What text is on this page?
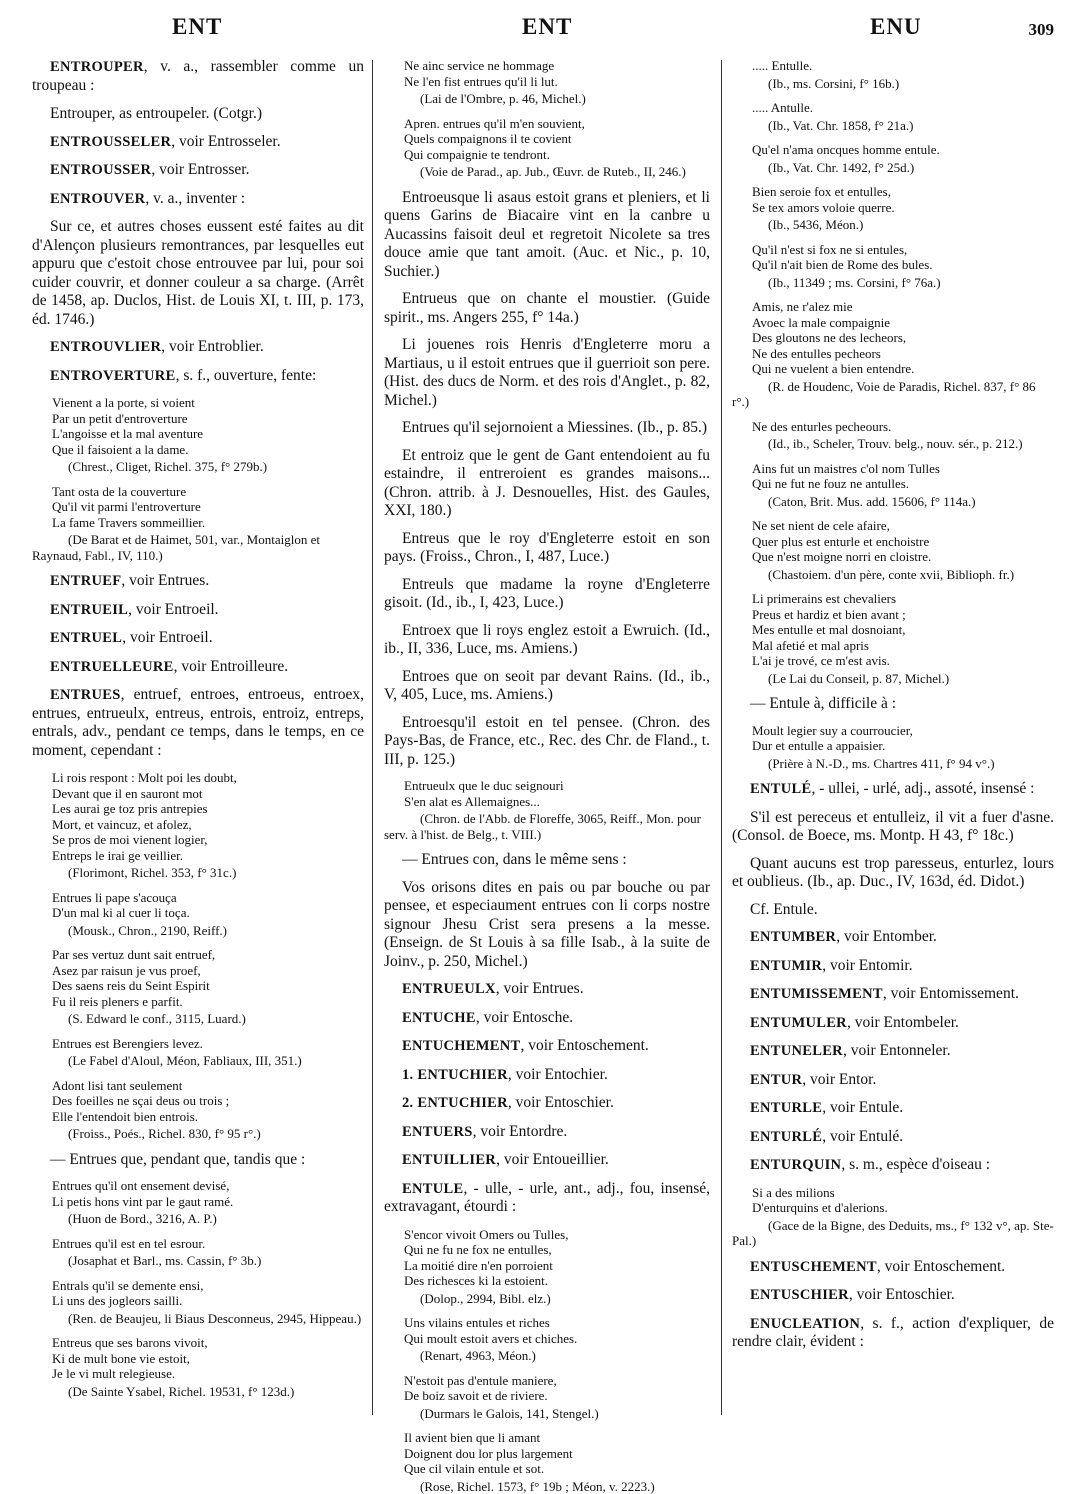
ENT	ENT	ENU	309

ENTROUPER, v. a., rassembler comme un troupeau :

Entrouper, as entroupeler. (Cotgr.)

ENTROUSSELER, voir Entrosseler.

ENTROUSSER, voir Entrosser.

ENTROUVER, v. a., inventer :

Sur ce, et autres choses eussent esté faites au dit d'Alençon plusieurs remontrances, par lesquelles eut appuru que c'estoit chose entrouvee par lui, pour soi cuider couvrir, et donner couleur a sa charge. (Arrêt de 1458, ap. Duclos, Hist. de Louis XI, t. III, p. 173, éd. 1746.)

ENTROUVLIER, voir Entroblier.

ENTROVERTURE, s. f., ouverture, fente:

Vienent a la porte, si voient
Par un petit d'entroverture
L'angoisse et la mal aventure
Que il faisoient a la dame.

(Chrest., Cliget, Richel. 375, f° 279b.)

Tant osta de la couverture
Qu'il vit parmi l'entroverture
La fame Travers sommeillier.

(De Barat et de Haimet, 501, var., Montaiglon et Raynaud, Fabl., IV, 110.)

ENTRUEF, voir Entrues.

ENTRUEIL, voir Entroeil.

ENTRUEL, voir Entroeil.

ENTRUELLEURE, voir Entroilleure.

ENTRUES, entruef, entroes, entroeus, entroex, entrues, entrueulx, entreus, entrois, entroiz, entreps, entrals, adv., pendant ce temps, dans le temps, en ce moment, cependant :

Li rois respont : Molt poi les doubt,
Devant que il en sauront mot
Les aurai ge toz pris antrepies
Mort, et vaincuz, et afolez,
Se pros de moi vienent logier,
Entreps le irai ge veillier.

(Florimont, Richel. 353, f° 31c.)

Entrues li pape s'acouça
D'un mal ki al cuer li toça.

(Mousk., Chron., 2190, Reiff.)

Par ses vertuz dunt sait entruef,
Asez par raisun je vus proef,
Des saens reis du Seint Espirit
Fu il reis pleners e parfit.

(S. Edward le conf., 3115, Luard.)

Entrues est Berengiers levez.

(Le Fabel d'Aloul, Méon, Fabliaux, III, 351.)

Adont lisi tant seulement
Des foeilles ne sçai deus ou trois ;
Elle l'entendoit bien entrois.

(Froiss., Poés., Richel. 830, f° 95 r°.)

— Entrues que, pendant que, tandis que :

Entrues qu'il ont ensement devisé,
Li petis hons vint par le gaut ramé.

(Huon de Bord., 3216, A. P.)

Entrues qu'il est en tel esrour.

(Josaphat et Barl., ms. Cassin, f° 3b.)

Entrals qu'il se demente ensi,
Li uns des jogleors sailli.

(Ren. de Beaujeu, li Biaus Desconneus, 2945, Hippeau.)

Entreus que ses barons vivoit,
Ki de mult bone vie estoit,
Je le vi mult relegieuse.

(De Sainte Ysabel, Richel. 19531, f° 123d.)

Ne ainc service ne hommage
Ne l'en fist entrues qu'il li lut.

(Lai de l'Ombre, p. 46, Michel.)

Apren. entrues qu'il m'en souvient,
Quels compaignons il te covient
Qui compaignie te tendront.

(Voie de Parad., ap. Jub., Œuvr. de Ruteb., II, 246.)

Entroeusque li asaus estoit grans et pleniers, et li quens Garins de Biacaire vint en la canbre u Aucassins faisoit deul et regretoit Nicolete sa tres douce amie que tant amoit. (Auc. et Nic., p. 10, Suchier.)

Entrueus que on chante el moustier. (Guide spirit., ms. Angers 255, f° 14a.)

Li jouenes rois Henris d'Engleterre moru a Martiaus, u il estoit entrues que il guerrioit son pere. (Hist. des ducs de Norm. et des rois d'Anglet., p. 82, Michel.)

Entrues qu'il sejornoient a Miessines. (Ib., p. 85.)

Et entroiz que le gent de Gant entendoient au fu estaindre, il entreroient es grandes maisons... (Chron. attrib. à J. Desnouelles, Hist. des Gaules, XXI, 180.)

Entreus que le roy d'Engleterre estoit en son pays. (Froiss., Chron., I, 487, Luce.)

Entreuls que madame la royne d'Engleterre gisoit. (Id., ib., I, 423, Luce.)

Entroex que li roys englez estoit a Ewruich. (Id., ib., II, 336, Luce, ms. Amiens.)

Entroes que on seoit par devant Rains. (Id., ib., V, 405, Luce, ms. Amiens.)

Entroesqu'il estoit en tel pensee. (Chron. des Pays-Bas, de France, etc., Rec. des Chr. de Fland., t. III, p. 125.)

Entrueulx que le duc seignouri
S'en alat es Allemaignes...

(Chron. de l'Abb. de Floreffe, 3065, Reiff., Mon. pour serv. à l'hist. de Belg., t. VIII.)

— Entrues con, dans le même sens :

Vos orisons dites en pais ou par bouche ou par pensee, et especiaument entrues con li corps nostre signour Jhesu Crist sera presens a la messe. (Enseign. de St Louis à sa fille Isab., à la suite de Joinv., p. 250, Michel.)

ENTRUEULX, voir Entrues.

ENTUCHE, voir Entosche.

ENTUCHEMENT, voir Entoschement.

1. ENTUCHIER, voir Entochier.

2. ENTUCHIER, voir Entoschier.

ENTUERS, voir Entordre.

ENTUILLIER, voir Entoueillier.

ENTULE, - ulle, - urle, ant., adj., fou, insensé, extravagant, étourdi :

S'encor vivoit Omers ou Tulles,
Qui ne fu ne fox ne entulles,
La moitié dire n'en porroient
Des richesces ki la estoient.

(Dolop., 2994, Bibl. elz.)

Uns vilains entules et riches
Qui moult estoit avers et chiches.

(Renart, 4963, Méon.)

N'estoit pas d'entule maniere,
De boiz savoit et de riviere.

(Durmars le Galois, 141, Stengel.)

Il avient bien que li amant
Doignent dou lor plus largement
Que cil vilain entule et sot.

(Rose, Richel. 1573, f° 19b ; Méon, v. 2223.)

..... Entulle.

(Ib., ms. Corsini, f° 16b.)

..... Antulle.

(Ib., Vat. Chr. 1858, f° 21a.)

Qu'el n'ama oncques homme entule.

(Ib., Vat. Chr. 1492, f° 25d.)

Bien seroie fox et entulles,
Se tex amors voloie querre.

(Ib., 5436, Méon.)

Qu'il n'est si fox ne si entules,
Qu'il n'ait bien de Rome des bules.

(Ib., 11349 ; ms. Corsini, f° 76a.)

Amis, ne r'alez mie
Avoec la male compaignie
Des gloutons ne des lecheors,
Ne des entulles pecheors
Qui ne vuelent a bien entendre.

(R. de Houdenc, Voie de Paradis, Richel. 837, f° 86 r°.)

Ne des enturles pecheours.

(Id., ib., Scheler, Trouv. belg., nouv. sér., p. 212.)

Ains fut un maistres c'ol nom Tulles
Qui ne fut ne fouz ne antulles.

(Caton, Brit. Mus. add. 15606, f° 114a.)

Ne set nient de cele afaire,
Quer plus est enturle et enchoistre
Que n'est moigne norri en cloistre.

(Chastoiem. d'un père, conte xvii, Biblioph. fr.)

Li primerains est chevaliers
Preus et hardiz et bien avant ;
Mes entulle et mal dosnoiant,
Mal afetié et mal apris
L'ai je trové, ce m'est avis.

(Le Lai du Conseil, p. 87, Michel.)

— Entule à, difficile à :

Moult legier suy a courroucier,
Dur et entulle a appaisier.

(Prière à N.-D., ms. Chartres 411, f° 94 v°.)

ENTULÉ, - ullei, - urlé, adj., assoté, insensé :

S'il est pereceus et entulleiz, il vit a fuer d'asne. (Consol. de Boece, ms. Montp. H 43, f° 18c.)

Quant aucuns est trop paresseus, enturlez, lours et oublieus. (Ib., ap. Duc., IV, 163d, éd. Didot.)

Cf. Entule.

ENTUMBER, voir Entomber.

ENTUMIR, voir Entomir.

ENTUMISSEMENT, voir Entomissement.

ENTUMULER, voir Entombeler.

ENTUNELER, voir Entonneler.

ENTUR, voir Entor.

ENTURLE, voir Entule.

ENTURLÉ, voir Entulé.

ENTURQUIN, s. m., espèce d'oiseau :

Si a des milions
D'enturquins et d'alerions.

(Gace de la Bigne, des Deduits, ms., f° 132 v°, ap. Ste-Pal.)

ENTUSCHEMENT, voir Entoschement.

ENTUSCHIER, voir Entoschier.

ENUCLEATION, s. f., action d'expliquer, de rendre clair, évident :
